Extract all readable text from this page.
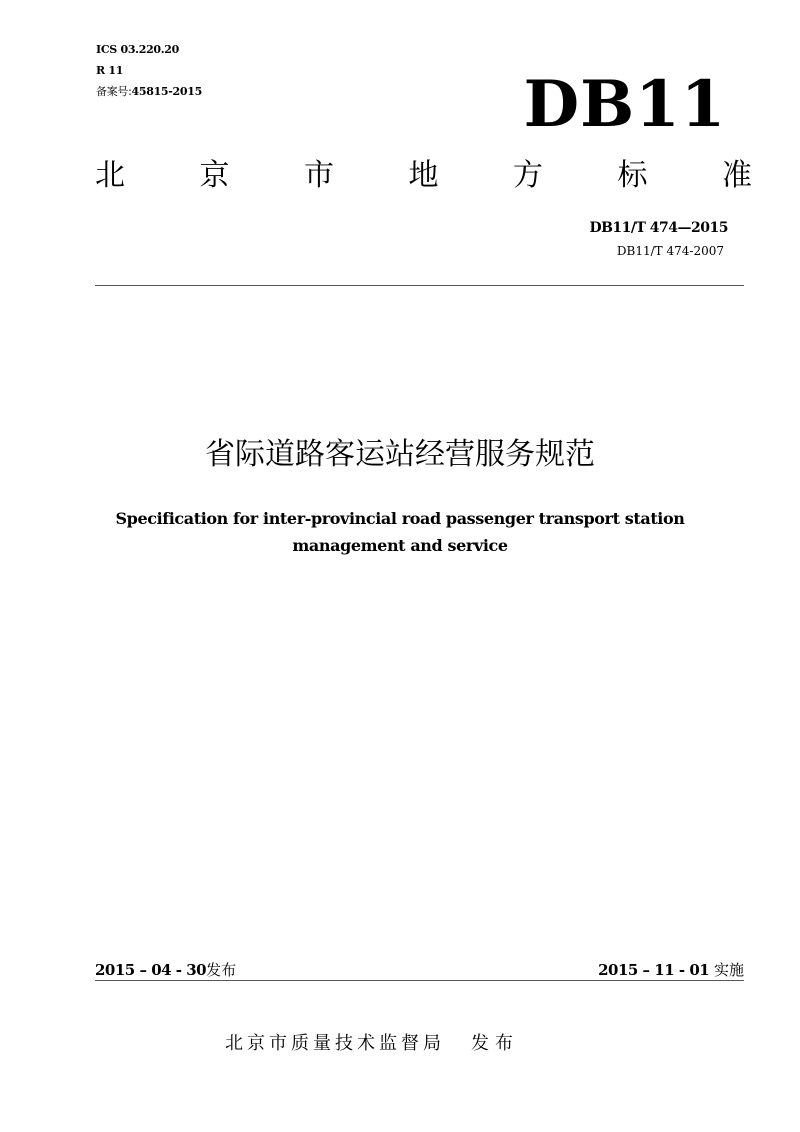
ICS 03.220.20
R 11
备案号:45815-2015	DB11
北 京 市 地 方 标 准
DB11/T 474—2015
DB11/T 474-2007
省际道路客运站经营服务规范
Specification for inter-provincial road passenger transport station
management and service
2015 – 04 - 30发布	2015 – 11 - 01 实施
北京市质量技术监督局 发布
